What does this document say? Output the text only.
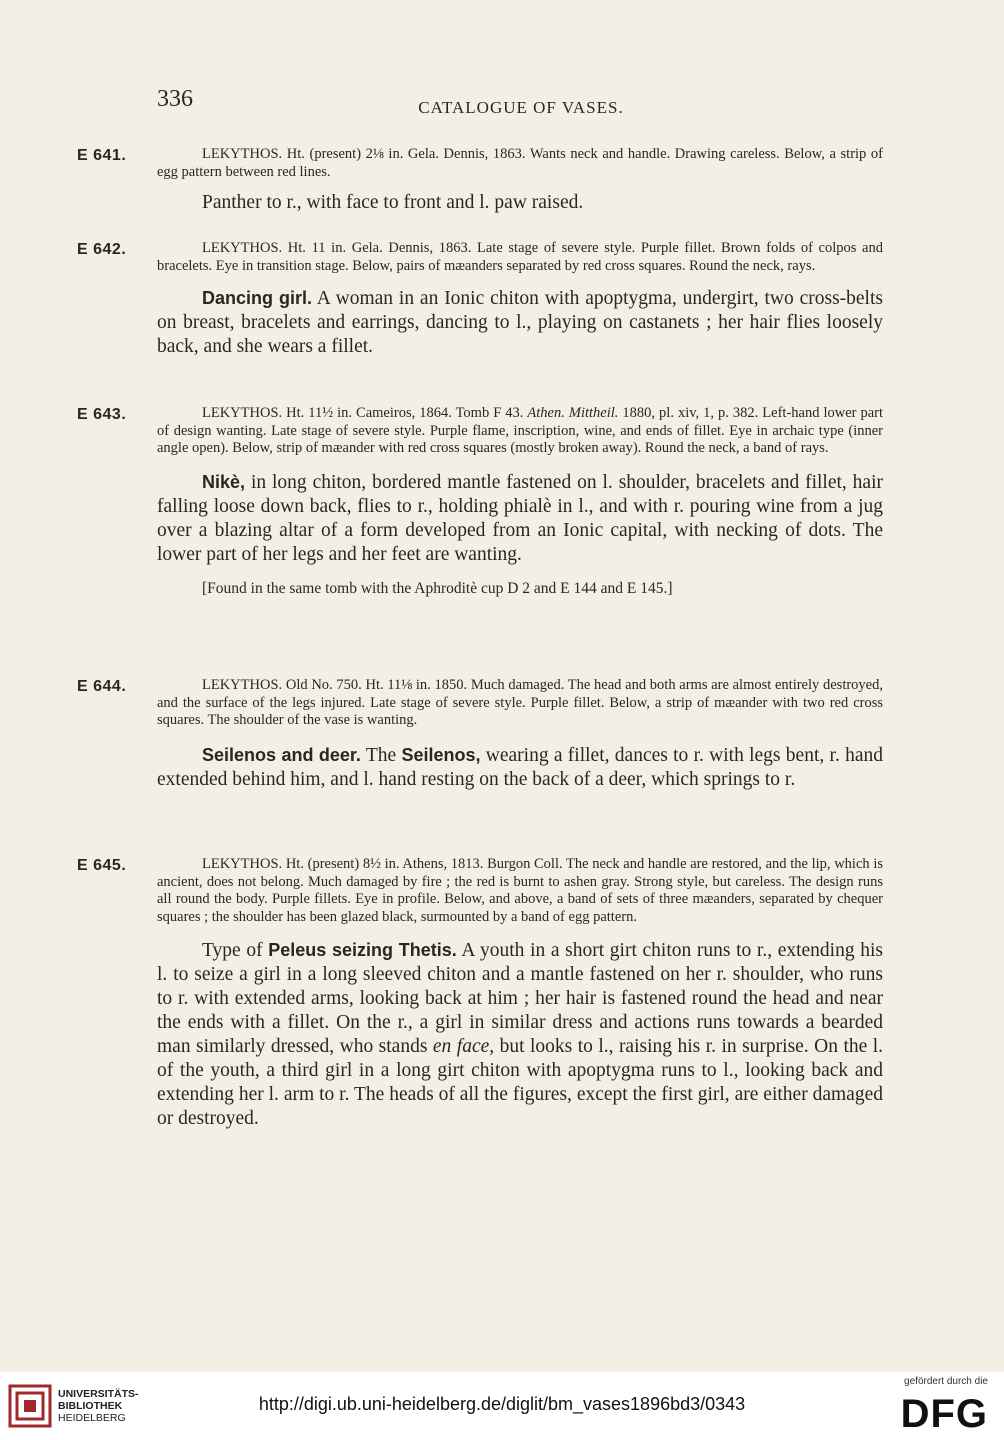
336	CATALOGUE OF VASES.
E 641.	LEKYTHOS. Ht. (present) 2⅛ in. Gela. Dennis, 1863. Wants neck and handle. Drawing careless. Below, a strip of egg pattern between red lines.

Panther to r., with face to front and l. paw raised.

E 642.	LEKYTHOS. Ht. 11 in. Gela. Dennis, 1863. Late stage of severe style. Purple fillet. Brown folds of colpos and bracelets. Eye in transition stage. Below, pairs of mæanders separated by red cross squares. Round the neck, rays.

Dancing girl. A woman in an Ionic chiton with apoptygma, undergirt, two cross-belts on breast, bracelets and earrings, dancing to l., playing on castanets ; her hair flies loosely back, and she wears a fillet.

E 643.	LEKYTHOS. Ht. 11½ in. Cameiros, 1864. Tomb F 43. Athen. Mittheil. 1880, pl. xiv, 1, p. 382. Left-hand lower part of design wanting. Late stage of severe style. Purple flame, inscription, wine, and ends of fillet. Eye in archaic type (inner angle open). Below, strip of mæander with red cross squares (mostly broken away). Round the neck, a band of rays.

Nikè, in long chiton, bordered mantle fastened on l. shoulder, bracelets and fillet, hair falling loose down back, flies to r., holding phialè in l., and with r. pouring wine from a jug over a blazing altar of a form developed from an Ionic capital, with necking of dots. The lower part of her legs and her feet are wanting.

[Found in the same tomb with the Aphroditè cup D 2 and E 144 and E 145.]

E 644.	LEKYTHOS. Old No. 750. Ht. 11⅛ in. 1850. Much damaged. The head and both arms are almost entirely destroyed, and the surface of the legs injured. Late stage of severe style. Purple fillet. Below, a strip of mæander with two red cross squares. The shoulder of the vase is wanting.

Seilenos and deer. The Seilenos, wearing a fillet, dances to r. with legs bent, r. hand extended behind him, and l. hand resting on the back of a deer, which springs to r.

E 645.	LEKYTHOS. Ht. (present) 8½ in. Athens, 1813. Burgon Coll. The neck and handle are restored, and the lip, which is ancient, does not belong. Much damaged by fire ; the red is burnt to ashen gray. Strong style, but careless. The design runs all round the body. Purple fillets. Eye in profile. Below, and above, a band of sets of three mæanders, separated by chequer squares ; the shoulder has been glazed black, surmounted by a band of egg pattern.

Type of Peleus seizing Thetis. A youth in a short girt chiton runs to r., extending his l. to seize a girl in a long sleeved chiton and a mantle fastened on her r. shoulder, who runs to r. with extended arms, looking back at him ; her hair is fastened round the head and near the ends with a fillet. On the r., a girl in similar dress and actions runs towards a bearded man similarly dressed, who stands en face, but looks to l., raising his r. in surprise. On the l. of the youth, a third girl in a long girt chiton with apoptygma runs to l., looking back and extending her l. arm to r. The heads of all the figures, except the first girl, are either damaged or destroyed.

UNIVERSITÄTS-
BIBLIOTHEK
HEIDELBERG
http://digi.ub.uni-heidelberg.de/diglit/bm_vases1896bd3/0343
gefördert durch die
DFG
